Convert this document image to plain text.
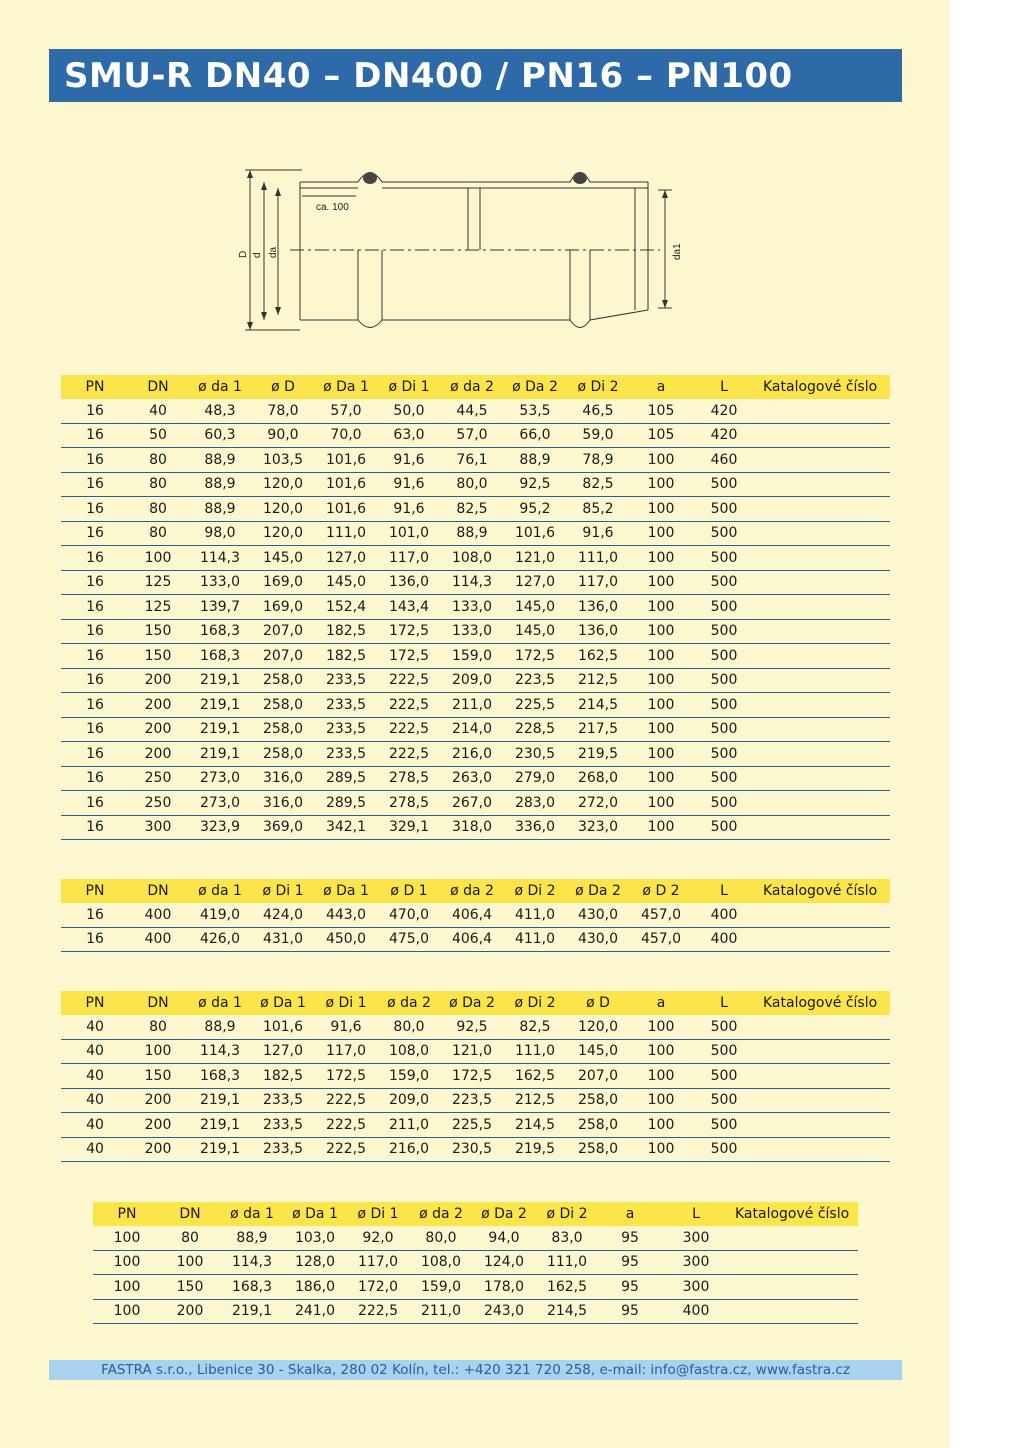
SMU-R DN40 – DN400 / PN16 – PN100
ca. 100
D d da	da1
PN	DN	ø da 1	ø D	ø Da 1	ø Di 1	ø da 2	ø Da 2	ø Di 2	a	L	Katalogové číslo
16	40	48,3	78,0	57,0	50,0	44,5	53,5	46,5	105	420	
16	50	60,3	90,0	70,0	63,0	57,0	66,0	59,0	105	420	
16	80	88,9	103,5	101,6	91,6	76,1	88,9	78,9	100	460	
16	80	88,9	120,0	101,6	91,6	80,0	92,5	82,5	100	500	
16	80	88,9	120,0	101,6	91,6	82,5	95,2	85,2	100	500	
16	80	98,0	120,0	111,0	101,0	88,9	101,6	91,6	100	500	
16	100	114,3	145,0	127,0	117,0	108,0	121,0	111,0	100	500	
16	125	133,0	169,0	145,0	136,0	114,3	127,0	117,0	100	500	
16	125	139,7	169,0	152,4	143,4	133,0	145,0	136,0	100	500	
16	150	168,3	207,0	182,5	172,5	133,0	145,0	136,0	100	500	
16	150	168,3	207,0	182,5	172,5	159,0	172,5	162,5	100	500	
16	200	219,1	258,0	233,5	222,5	209,0	223,5	212,5	100	500	
16	200	219,1	258,0	233,5	222,5	211,0	225,5	214,5	100	500	
16	200	219,1	258,0	233,5	222,5	214,0	228,5	217,5	100	500	
16	200	219,1	258,0	233,5	222,5	216,0	230,5	219,5	100	500	
16	250	273,0	316,0	289,5	278,5	263,0	279,0	268,0	100	500	
16	250	273,0	316,0	289,5	278,5	267,0	283,0	272,0	100	500	
16	300	323,9	369,0	342,1	329,1	318,0	336,0	323,0	100	500	
PN	DN	ø da 1	ø Di 1	ø Da 1	ø D 1	ø da 2	ø Di 2	ø Da 2	ø D 2	L	Katalogové číslo
16	400	419,0	424,0	443,0	470,0	406,4	411,0	430,0	457,0	400	
16	400	426,0	431,0	450,0	475,0	406,4	411,0	430,0	457,0	400	
PN	DN	ø da 1	ø Da 1	ø Di 1	ø da 2	ø Da 2	ø Di 2	ø D	a	L	Katalogové číslo
40	80	88,9	101,6	91,6	80,0	92,5	82,5	120,0	100	500	
40	100	114,3	127,0	117,0	108,0	121,0	111,0	145,0	100	500	
40	150	168,3	182,5	172,5	159,0	172,5	162,5	207,0	100	500	
40	200	219,1	233,5	222,5	209,0	223,5	212,5	258,0	100	500	
40	200	219,1	233,5	222,5	211,0	225,5	214,5	258,0	100	500	
40	200	219,1	233,5	222,5	216,0	230,5	219,5	258,0	100	500	
PN	DN	ø da 1	ø Da 1	ø Di 1	ø da 2	ø Da 2	ø Di 2	a	L	Katalogové číslo
100	80	88,9	103,0	92,0	80,0	94,0	83,0	95	300	
100	100	114,3	128,0	117,0	108,0	124,0	111,0	95	300	
100	150	168,3	186,0	172,0	159,0	178,0	162,5	95	300	
100	200	219,1	241,0	222,5	211,0	243,0	214,5	95	400	
FASTRA s.r.o., Libenice 30 - Skalka, 280 02 Kolín, tel.: +420 321 720 258, e-mail: info@fastra.cz, www.fastra.cz
